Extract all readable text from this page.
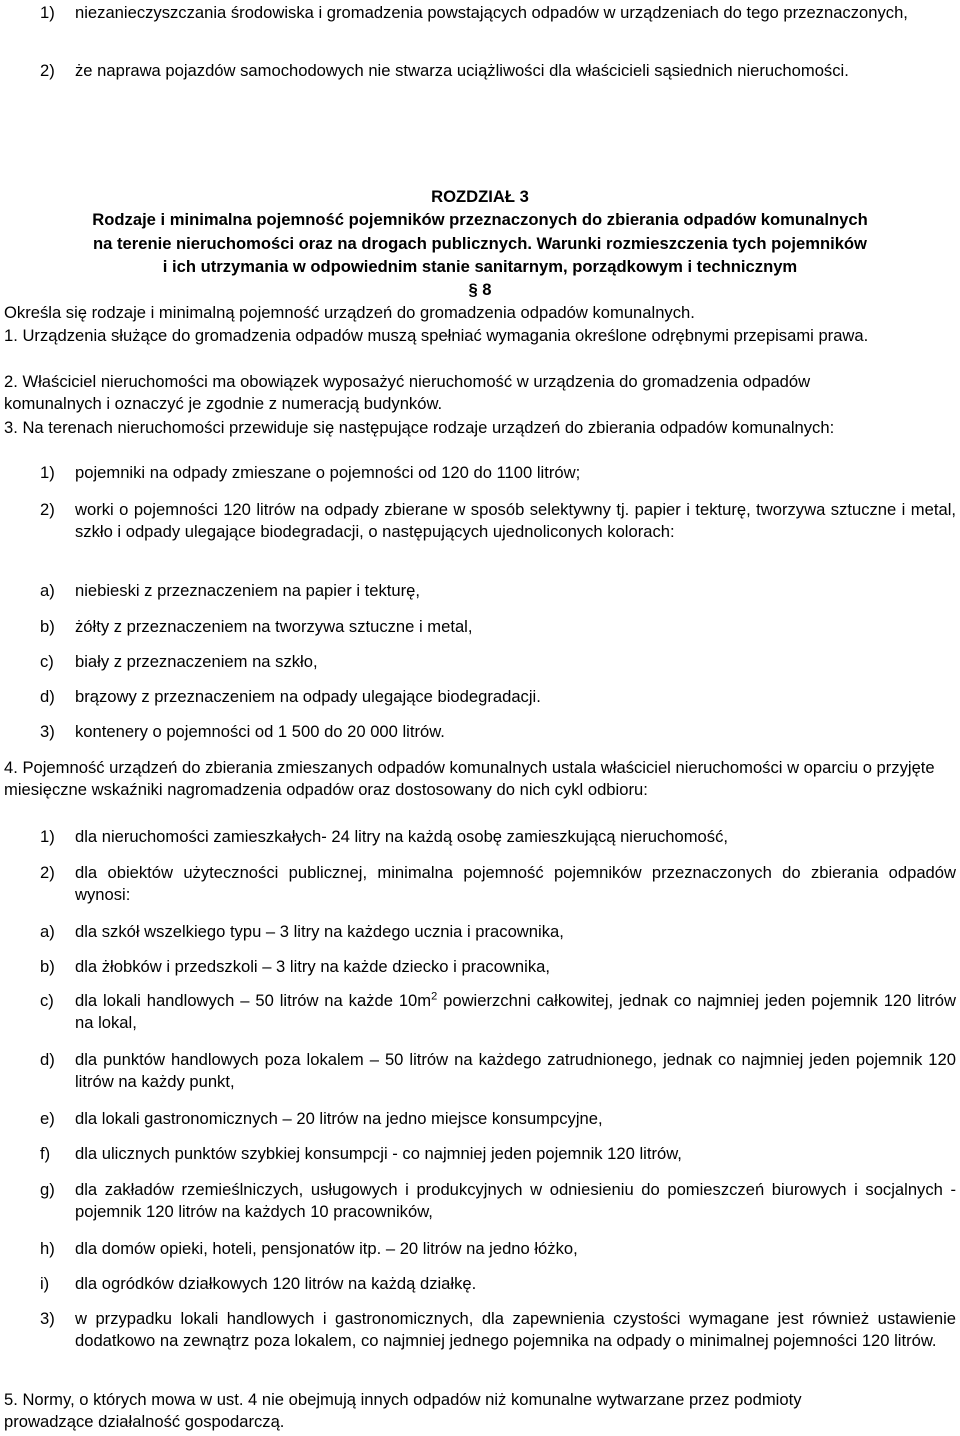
1) niezanieczyszczania środowiska i gromadzenia powstających odpadów w urządzeniach do tego przeznaczonych,
2) że naprawa pojazdów samochodowych nie stwarza uciążliwości dla właścicieli sąsiednich nieruchomości.
ROZDZIAŁ 3
Rodzaje i minimalna pojemność pojemników przeznaczonych do zbierania odpadów komunalnych
na terenie nieruchomości oraz na drogach publicznych. Warunki rozmieszczenia tych pojemników
i ich utrzymania w odpowiednim stanie sanitarnym, porządkowym i technicznym
§ 8
Określa się rodzaje i minimalną pojemność urządzeń do gromadzenia odpadów komunalnych.
1. Urządzenia służące do gromadzenia odpadów muszą spełniać wymagania określone odrębnymi przepisami prawa.
2. Właściciel nieruchomości ma obowiązek wyposażyć nieruchomość w urządzenia do gromadzenia odpadów komunalnych i oznaczyć je zgodnie z numeracją budynków.
3. Na terenach nieruchomości przewiduje się następujące rodzaje urządzeń do zbierania odpadów komunalnych:
1) pojemniki na odpady zmieszane o pojemności od 120 do 1100 litrów;
2) worki o pojemności 120 litrów na odpady zbierane w sposób selektywny tj. papier i tekturę, tworzywa sztuczne i metal, szkło i odpady ulegające biodegradacji, o następujących ujednoliconych kolorach:
a) niebieski z przeznaczeniem na papier i tekturę,
b) żółty z przeznaczeniem na tworzywa sztuczne i metal,
c) biały z przeznaczeniem na szkło,
d) brązowy z przeznaczeniem na odpady ulegające biodegradacji.
3) kontenery o pojemności od 1 500 do 20 000 litrów.
4. Pojemność urządzeń do zbierania zmieszanych odpadów komunalnych ustala właściciel nieruchomości w oparciu o przyjęte miesięczne wskaźniki nagromadzenia odpadów oraz dostosowany do nich cykl odbioru:
1) dla nieruchomości zamieszkałych- 24 litry na każdą osobę zamieszkującą nieruchomość,
2) dla obiektów użyteczności publicznej, minimalna pojemność pojemników przeznaczonych do zbierania odpadów wynosi:
a) dla szkół wszelkiego typu – 3 litry na każdego ucznia i pracownika,
b) dla żłobków i przedszkoli – 3 litry na każde dziecko i pracownika,
c) dla lokali handlowych – 50 litrów na każde $10m^2$ powierzchni całkowitej, jednak co najmniej jeden pojemnik 120 litrów na lokal,
d) dla punktów handlowych poza lokalem – 50 litrów na każdego zatrudnionego, jednak co najmniej jeden pojemnik 120 litrów na każdy punkt,
e) dla lokali gastronomicznych – 20 litrów na jedno miejsce konsumpcyjne,
f) dla ulicznych punktów szybkiej konsumpcji - co najmniej jeden pojemnik 120 litrów,
g) dla zakładów rzemieślniczych, usługowych i produkcyjnych w odniesieniu do pomieszczeń biurowych i socjalnych - pojemnik 120 litrów na każdych 10 pracowników,
h) dla domów opieki, hoteli, pensjonatów itp. – 20 litrów na jedno łóżko,
i) dla ogródków działkowych 120 litrów na każdą działkę.
3) w przypadku lokali handlowych i gastronomicznych, dla zapewnienia czystości wymagane jest również ustawienie dodatkowo na zewnątrz poza lokalem, co najmniej jednego pojemnika na odpady o minimalnej pojemności 120 litrów.
5. Normy, o których mowa w ust. 4 nie obejmują innych odpadów niż komunalne wytwarzane przez podmioty prowadzące działalność gospodarczą.
